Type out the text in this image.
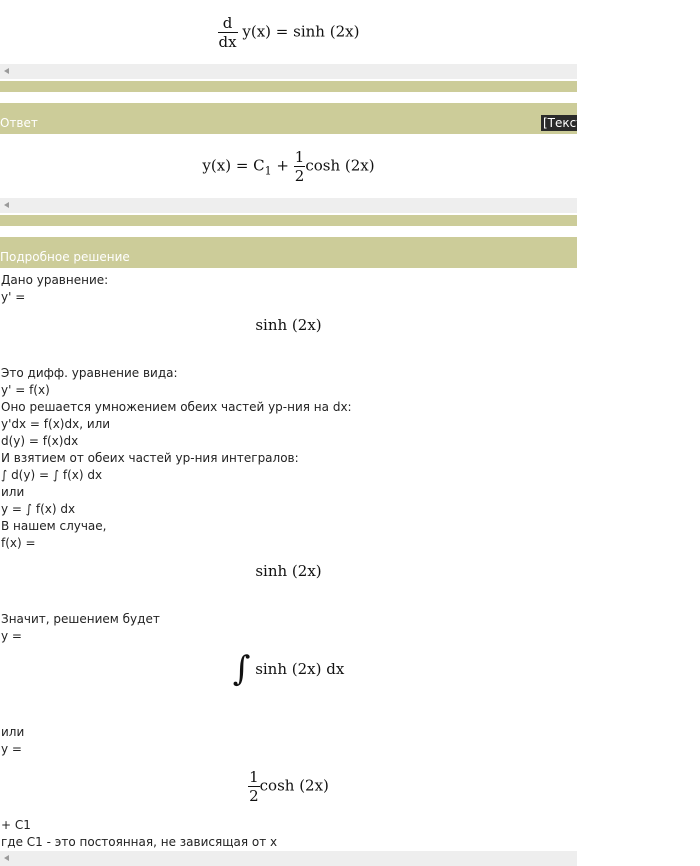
$\frac{d}{dx} y(x) = \sinh (2x)$
Ответ	[Текст]
$y(x) = C_1 + \frac{1}{2}$ cosh (2x)
Подробное решение
Дано уравнение:
y' =
sinh (2x)
Это дифф. уравнение вида:
y' = f(x)
Оно решается умножением обеих частей ур-ния на dx:
y'dx = f(x)dx, или
d(y) = f(x)dx
И взятием от обеих частей ур-ния интегралов:
∫ d(y) = ∫ f(x) dx
или
y = ∫ f(x) dx
В нашем случае,
f(x) =
sinh (2x)
Значит, решением будет
y =
∫ sinh (2x) dx
или
y =
$\frac{1}{2}$ cosh (2x)
+ C1
где C1 - это постоянная, не зависящая от x
